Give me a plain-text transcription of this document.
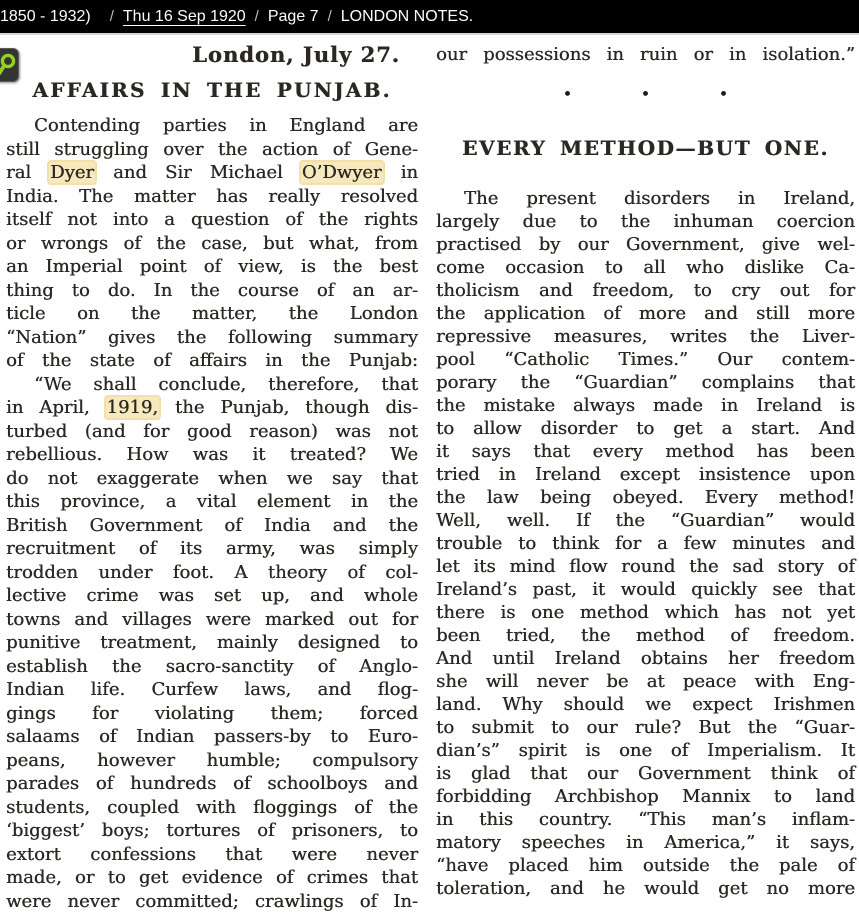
1850 - 1932) / Thu 16 Sep 1920 / Page 7 / LONDON NOTES.
London, July 27.
AFFAIRS IN THE PUNJAB.
Contending parties in England are
still struggling over the action of Gene-
ral Dyer and Sir Michael O’Dwyer in
India. The matter has really resolved
itself not into a question of the rights
or wrongs of the case, but what, from
an Imperial point of view, is the best
thing to do. In the course of an ar-
ticle on the matter, the London
“Nation” gives the following summary
of the state of affairs in the Punjab:
“We shall conclude, therefore, that
in April, 1919, the Punjab, though dis-
turbed (and for good reason) was not
rebellious. How was it treated? We
do not exaggerate when we say that
this province, a vital element in the
British Government of India and the
recruitment of its army, was simply
trodden under foot. A theory of col-
lective crime was set up, and whole
towns and villages were marked out for
punitive treatment, mainly designed to
establish the sacro-sanctity of Anglo-
Indian life. Curfew laws, and flog-
gings for violating them; forced
salaams of Indian passers-by to Euro-
peans, however humble; compulsory
parades of hundreds of schoolboys and
students, coupled with floggings of the
‘biggest’ boys; tortures of prisoners, to
extort confessions that were never
made, or to get evidence of crimes that
were never committed; crawlings of In-
our possessions in ruin or in isolation.”
•    •    •
EVERY METHOD—BUT ONE.
The present disorders in Ireland,
largely due to the inhuman coercion
practised by our Government, give wel-
come occasion to all who dislike Ca-
tholicism and freedom, to cry out for
the application of more and still more
repressive measures, writes the Liver-
pool “Catholic Times.” Our contem-
porary the “Guardian” complains that
the mistake always made in Ireland is
to allow disorder to get a start. And
it says that every method has been
tried in Ireland except insistence upon
the law being obeyed. Every method!
Well, well. If the “Guardian” would
trouble to think for a few minutes and
let its mind flow round the sad story of
Ireland’s past, it would quickly see that
there is one method which has not yet
been tried, the method of freedom.
And until Ireland obtains her freedom
she will never be at peace with Eng-
land. Why should we expect Irishmen
to submit to our rule? But the “Guar-
dian’s” spirit is one of Imperialism. It
is glad that our Government think of
forbidding Archbishop Mannix to land
in this country. “This man’s inflam-
matory speeches in America,” it says,
“have placed him outside the pale of
toleration, and he would get no more
